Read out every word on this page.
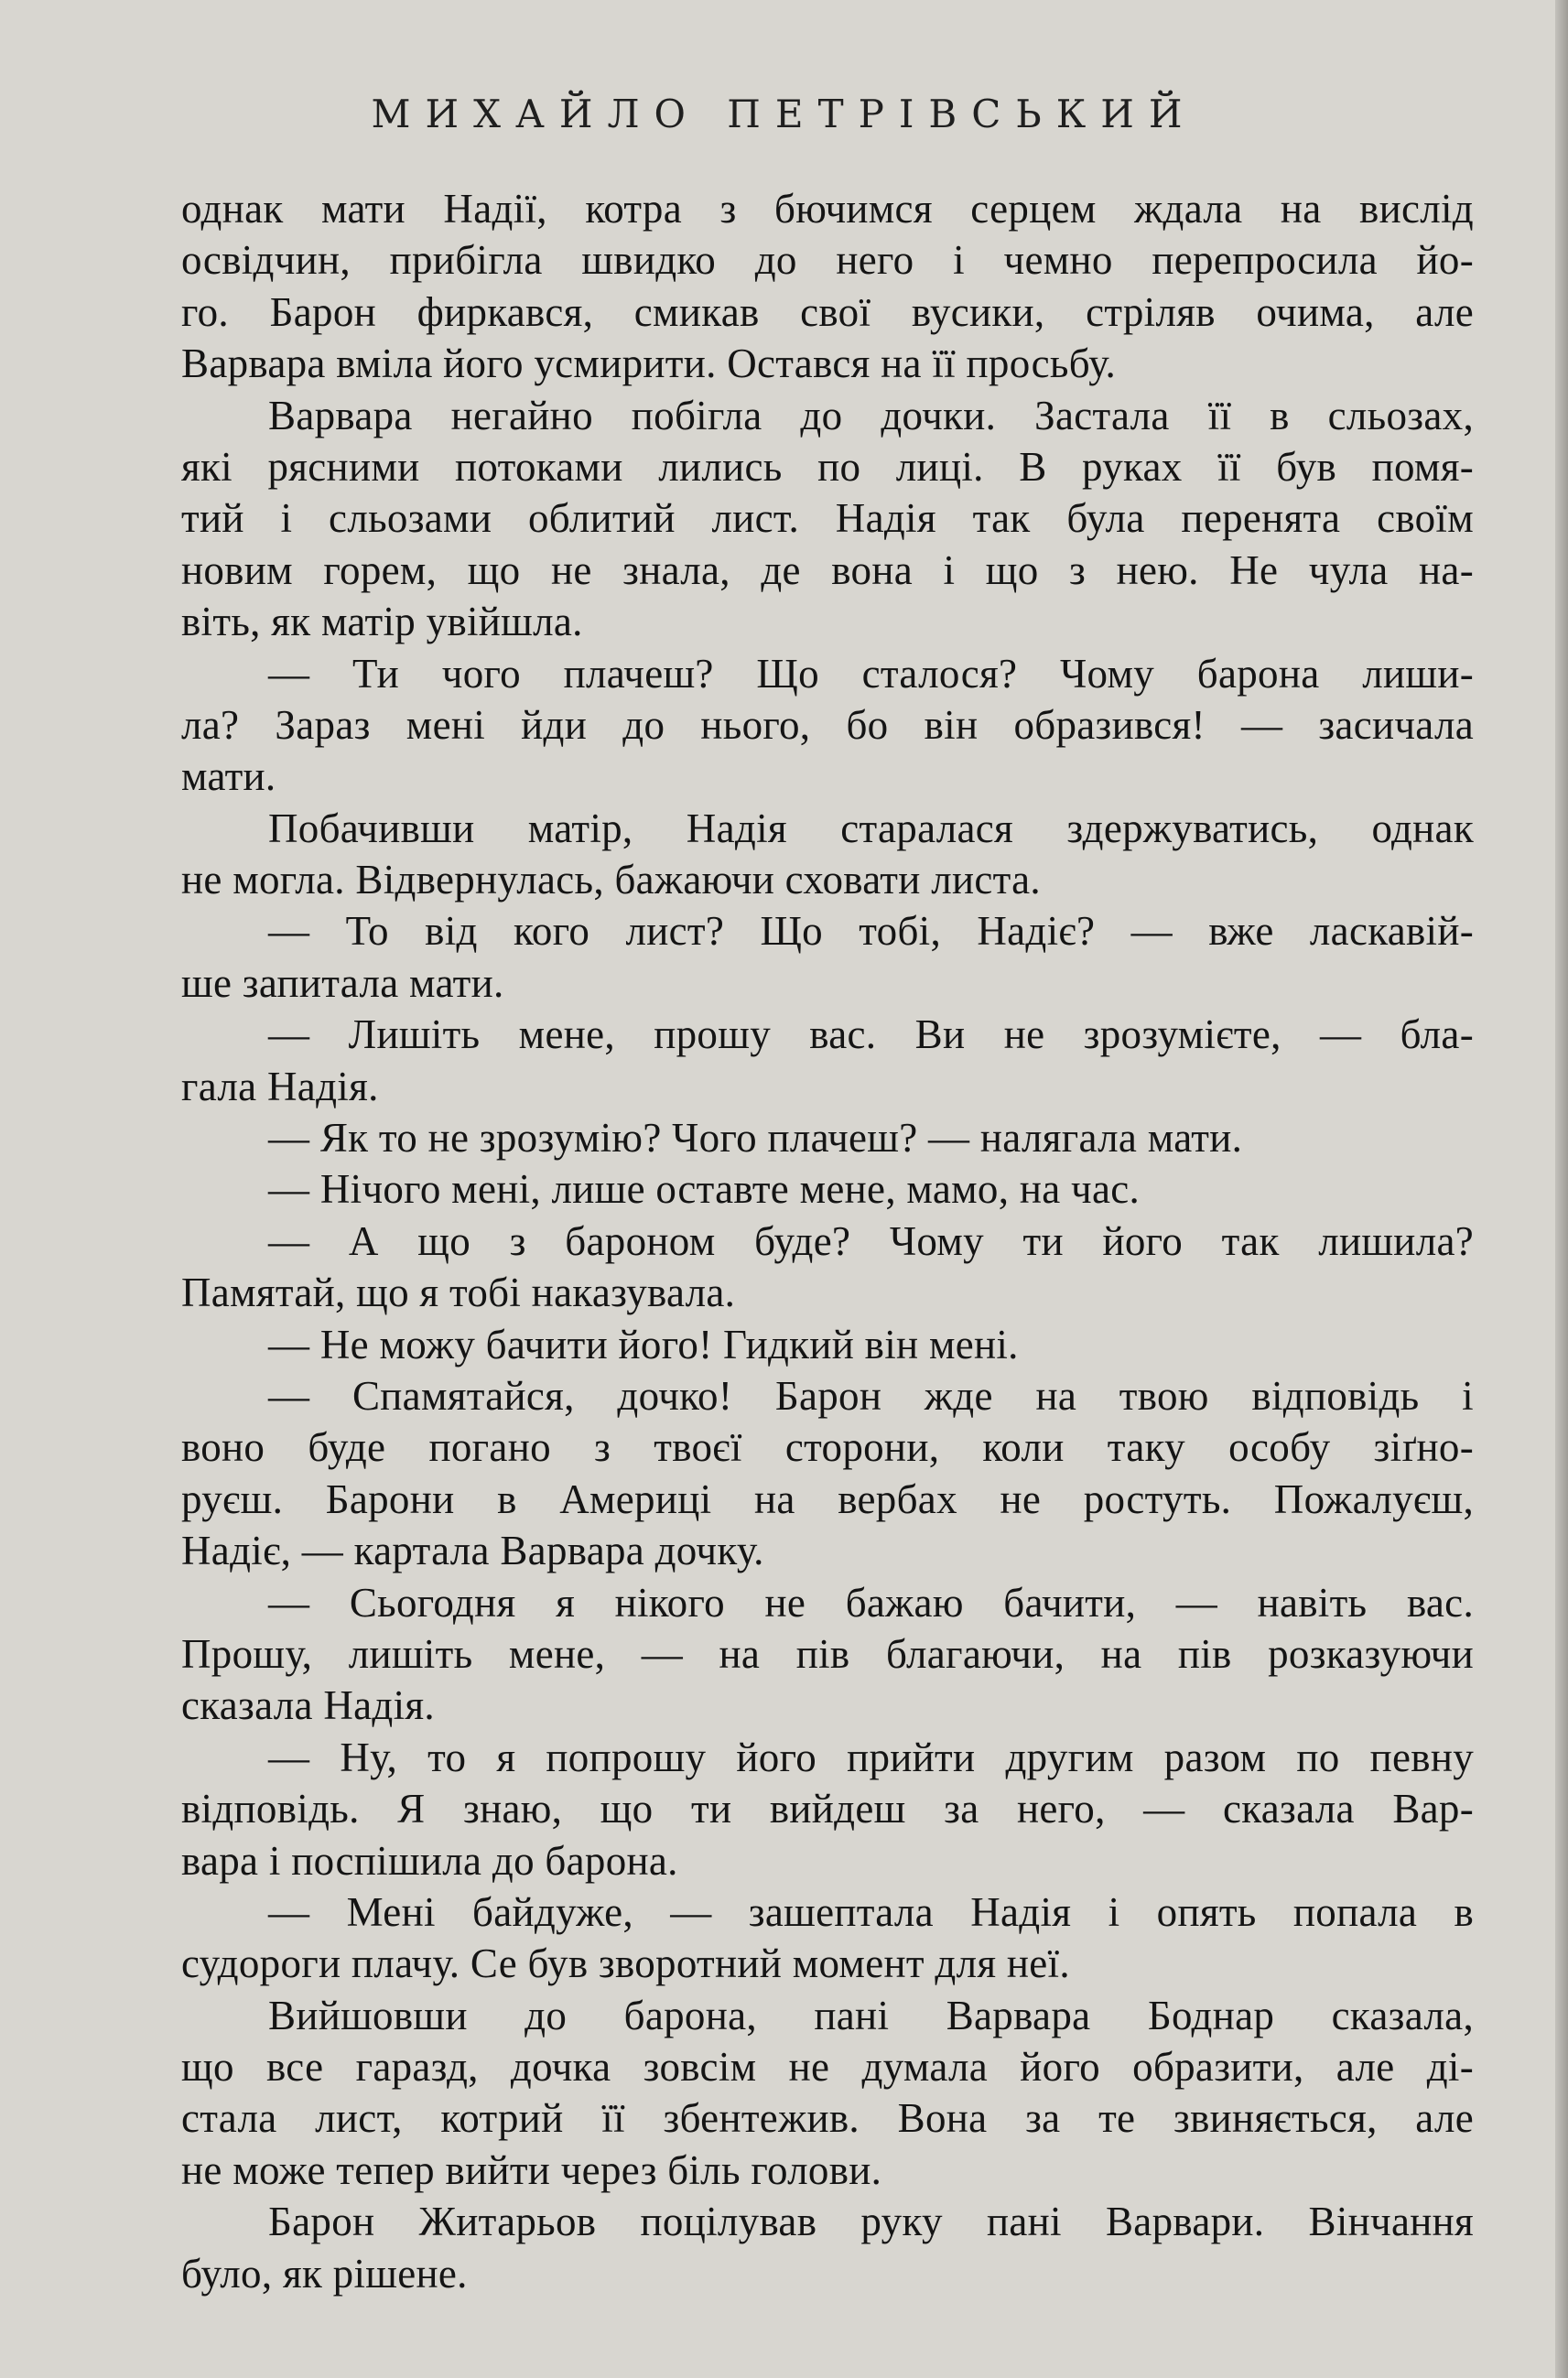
МИХАЙЛО ПЕТРІВСЬКИЙ
однак мати Надії, котра з бючимся серцем ждала на вислід
освідчин, прибігла швидко до него і чемно перепросила йо-
го. Барон фиркався, смикав свої вусики, стріляв очима, але
Варвара вміла його усмирити. Остався на її просьбу.
Варвара негайно побігла до дочки. Застала її в сльозах,
які рясними потоками лились по лиці. В руках її був помя-
тий і сльозами облитий лист. Надія так була перенята своїм
новим горем, що не знала, де вона і що з нею. Не чула на-
віть, як матір увійшла.
— Ти чого плачеш? Що сталося? Чому барона лиши-
ла? Зараз мені йди до нього, бо він образився! — засичала
мати.
Побачивши матір, Надія старалася здержуватись, однак
не могла. Відвернулась, бажаючи сховати листа.
— То від кого лист? Що тобі, Надіє? — вже ласкавій-
ше запитала мати.
— Лишіть мене, прошу вас. Ви не зрозумієте, — бла-
гала Надія.
— Як то не зрозумію? Чого плачеш? — налягала мати.
— Нічого мені, лише оставте мене, мамо, на час.
— А що з бароном буде? Чому ти його так лишила?
Памятай, що я тобі наказувала.
— Не можу бачити його! Гидкий він мені.
— Спамятайся, дочко! Барон жде на твою відповідь і
воно буде погано з твоєї сторони, коли таку особу зіґно-
руєш. Барони в Америці на вербах не ростуть. Пожалуєш,
Надіє, — картала Варвара дочку.
— Сьогодня я нікого не бажаю бачити, — навіть вас.
Прошу, лишіть мене, — на пів благаючи, на пів розказуючи
сказала Надія.
— Ну, то я попрошу його прийти другим разом по певну
відповідь. Я знаю, що ти вийдеш за него, — сказала Вар-
вара і поспішила до барона.
— Мені байдуже, — зашептала Надія і опять попала в
судороги плачу. Се був зворотний момент для неї.
Вийшовши до барона, пані Варвара Боднар сказала,
що все гаразд, дочка зовсім не думала його образити, але ді-
стала лист, котрий її збентежив. Вона за те звиняється, але
не може тепер вийти через біль голови.
Барон Житарьов поцілував руку пані Варвари. Вінчання
було, як рішене.
